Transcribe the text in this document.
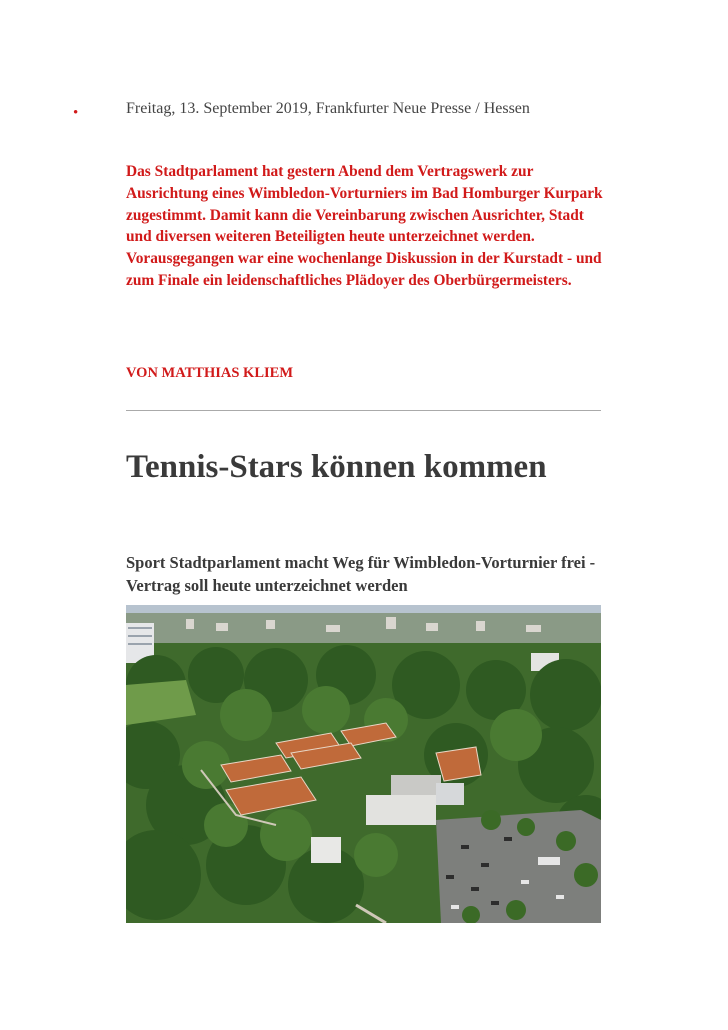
•	Freitag, 13. September 2019, Frankfurter Neue Presse / Hessen
Das Stadtparlament hat gestern Abend dem Vertragswerk zur Ausrichtung eines Wimbledon-Vorturniers im Bad Homburger Kurpark zugestimmt. Damit kann die Vereinbarung zwischen Ausrichter, Stadt und diversen weiteren Beteiligten heute unterzeichnet werden. Vorausgegangen war eine wochenlange Diskussion in der Kurstadt - und zum Finale ein leidenschaftliches Plädoyer des Oberbürgermeisters.
VON MATTHIAS KLIEM
Tennis-Stars können kommen
Sport Stadtparlament macht Weg für Wimbledon-Vorturnier frei - Vertrag soll heute unterzeichnet werden
